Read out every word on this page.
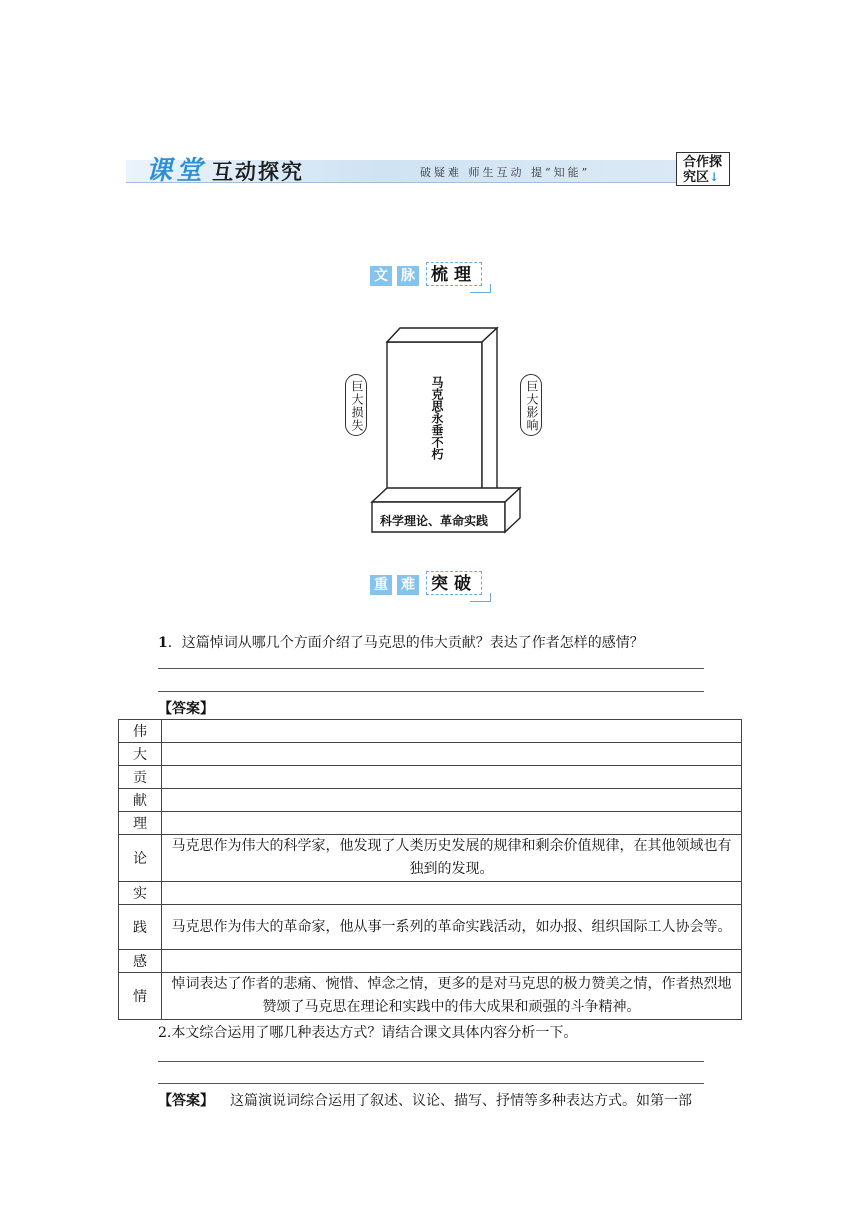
课堂 互动探究	破疑难 师生互动 提“知能”
合作探
究区↓
文 脉 梳理
马克思永垂不朽
科学理论、革命实践
巨大损失	巨大影响
重 难 突破
1．这篇悼词从哪几个方面介绍了马克思的伟大贡献？表达了作者怎样的感情？
【答案】
伟	
大	
贡	
献	
理	
论	马克思作为伟大的科学家，他发现了人类历史发展的规律和剩余价值规律，在其他领域也有独到的发现。
实	
践	马克思作为伟大的革命家，他从事一系列的革命实践活动，如办报、组织国际工人协会等。
感	
情	悼词表达了作者的悲痛、惋惜、悼念之情，更多的是对马克思的极力赞美之情，作者热烈地赞颂了马克思在理论和实践中的伟大成果和顽强的斗争精神。
2.本文综合运用了哪几种表达方式？请结合课文具体内容分析一下。
【答案】 这篇演说词综合运用了叙述、议论、描写、抒情等多种表达方式。如第一部
